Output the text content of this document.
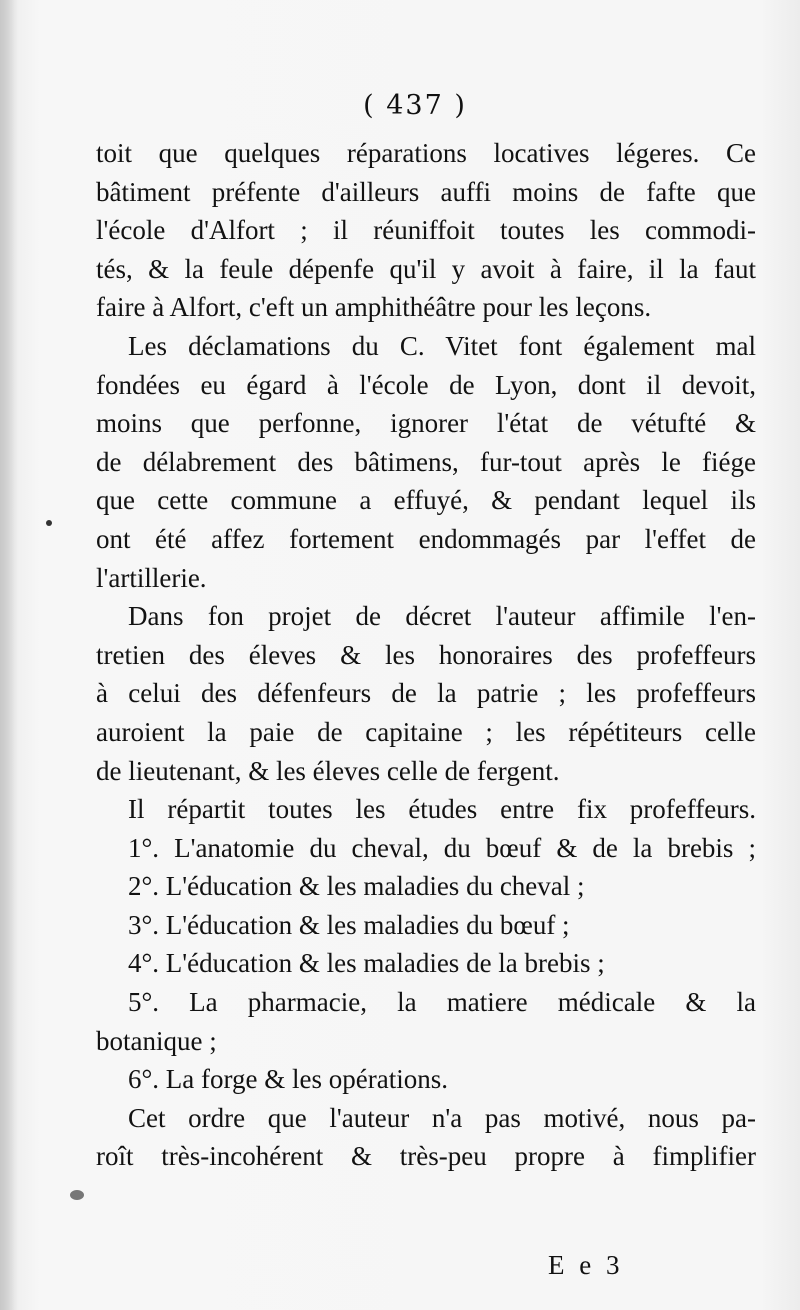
( 437 )
toit que quelques réparations locatives légeres. Ce
bâtiment préfente d'ailleurs auffi moins de fafte que
l'école d'Alfort ; il réuniffoit toutes les commodi-
tés, & la feule dépenfe qu'il y avoit à faire, il la faut
faire à Alfort, c'eft un amphithéâtre pour les leçons.
Les déclamations du C. Vitet font également mal
fondées eu égard à l'école de Lyon, dont il devoit,
moins que perfonne, ignorer l'état de vétufté &
de délabrement des bâtimens, fur-tout après le fiége
que cette commune a effuyé, & pendant lequel ils
ont été affez fortement endommagés par l'effet de
l'artillerie.
Dans fon projet de décret l'auteur affimile l'en-
tretien des éleves & les honoraires des profeffeurs
à celui des défenfeurs de la patrie ; les profeffeurs
auroient la paie de capitaine ; les répétiteurs celle
de lieutenant, & les éleves celle de fergent.
Il répartit toutes les études entre fix profeffeurs.
1°. L'anatomie du cheval, du bœuf & de la brebis ;
2°. L'éducation & les maladies du cheval ;
3°. L'éducation & les maladies du bœuf ;
4°. L'éducation & les maladies de la brebis ;
5°. La pharmacie, la matiere médicale & la
botanique ;
6°. La forge & les opérations.
Cet ordre que l'auteur n'a pas motivé, nous pa-
roît très-incohérent & très-peu propre à fimplifier
E e 3
